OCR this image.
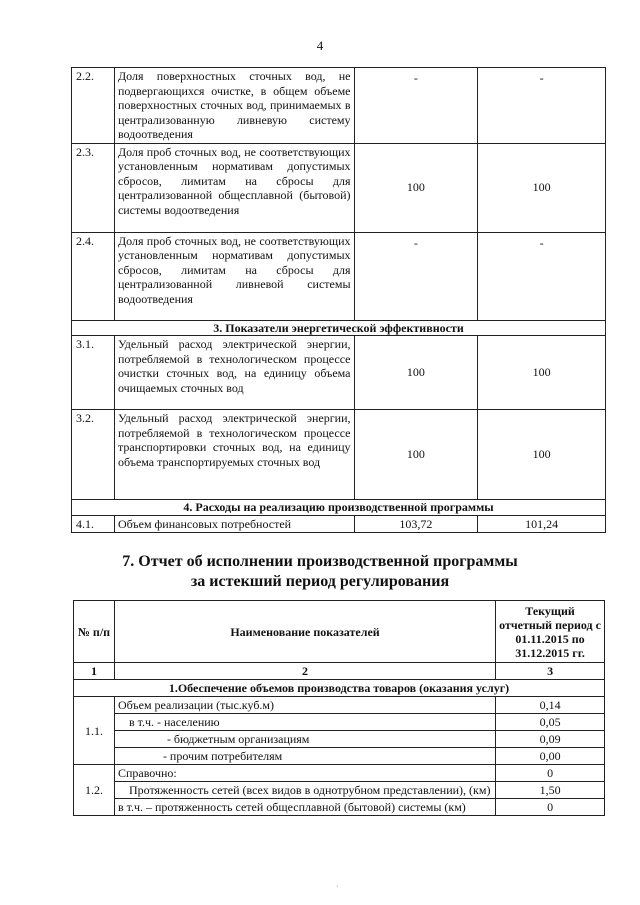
4
2.2.	Доля поверхностных сточных вод, не подвергающихся очистке, в общем объеме поверхностных сточных вод, принимаемых в централизованную ливневую систему водоотведения	-	-
2.3.	Доля проб сточных вод, не соответствующих установленным нормативам допустимых сбросов, лимитам на сбросы для централизованной общесплавной (бытовой) системы водоотведения	100	100
2.4.	Доля проб сточных вод, не соответствующих установленным нормативам допустимых сбросов, лимитам на сбросы для централизованной ливневой системы водоотведения	-	-
3. Показатели энергетической эффективности			
3.1.	Удельный расход электрической энергии, потребляемой в технологическом процессе очистки сточных вод, на единицу объема очищаемых сточных вод	100	100
3.2.	Удельный расход электрической энергии, потребляемой в технологическом процессе транспортировки сточных вод, на единицу объема транспортируемых сточных вод	100	100
4. Расходы на реализацию производственной программы			
4.1.	Объем финансовых потребностей	103,72	101,24
7. Отчет об исполнении производственной программы
за истекший период регулирования
№ п/п	Наименование показателей	Текущий отчетный период с 01.11.2015 по 31.12.2015 гг.
1	2	3
1.Обеспечение объемов производства товаров (оказания услуг)		
1.1.	Объем реализации (тыс.куб.м)	0,14
	в т.ч. - населению	0,05
	- бюджетным организациям	0,09
	- прочим потребителям	0,00
1.2.	Справочно:	0
	Протяженность сетей (всех видов в однотрубном представлении), (км)	1,50
	в т.ч. – протяженность сетей общесплавной (бытовой) системы (км)	0
·
